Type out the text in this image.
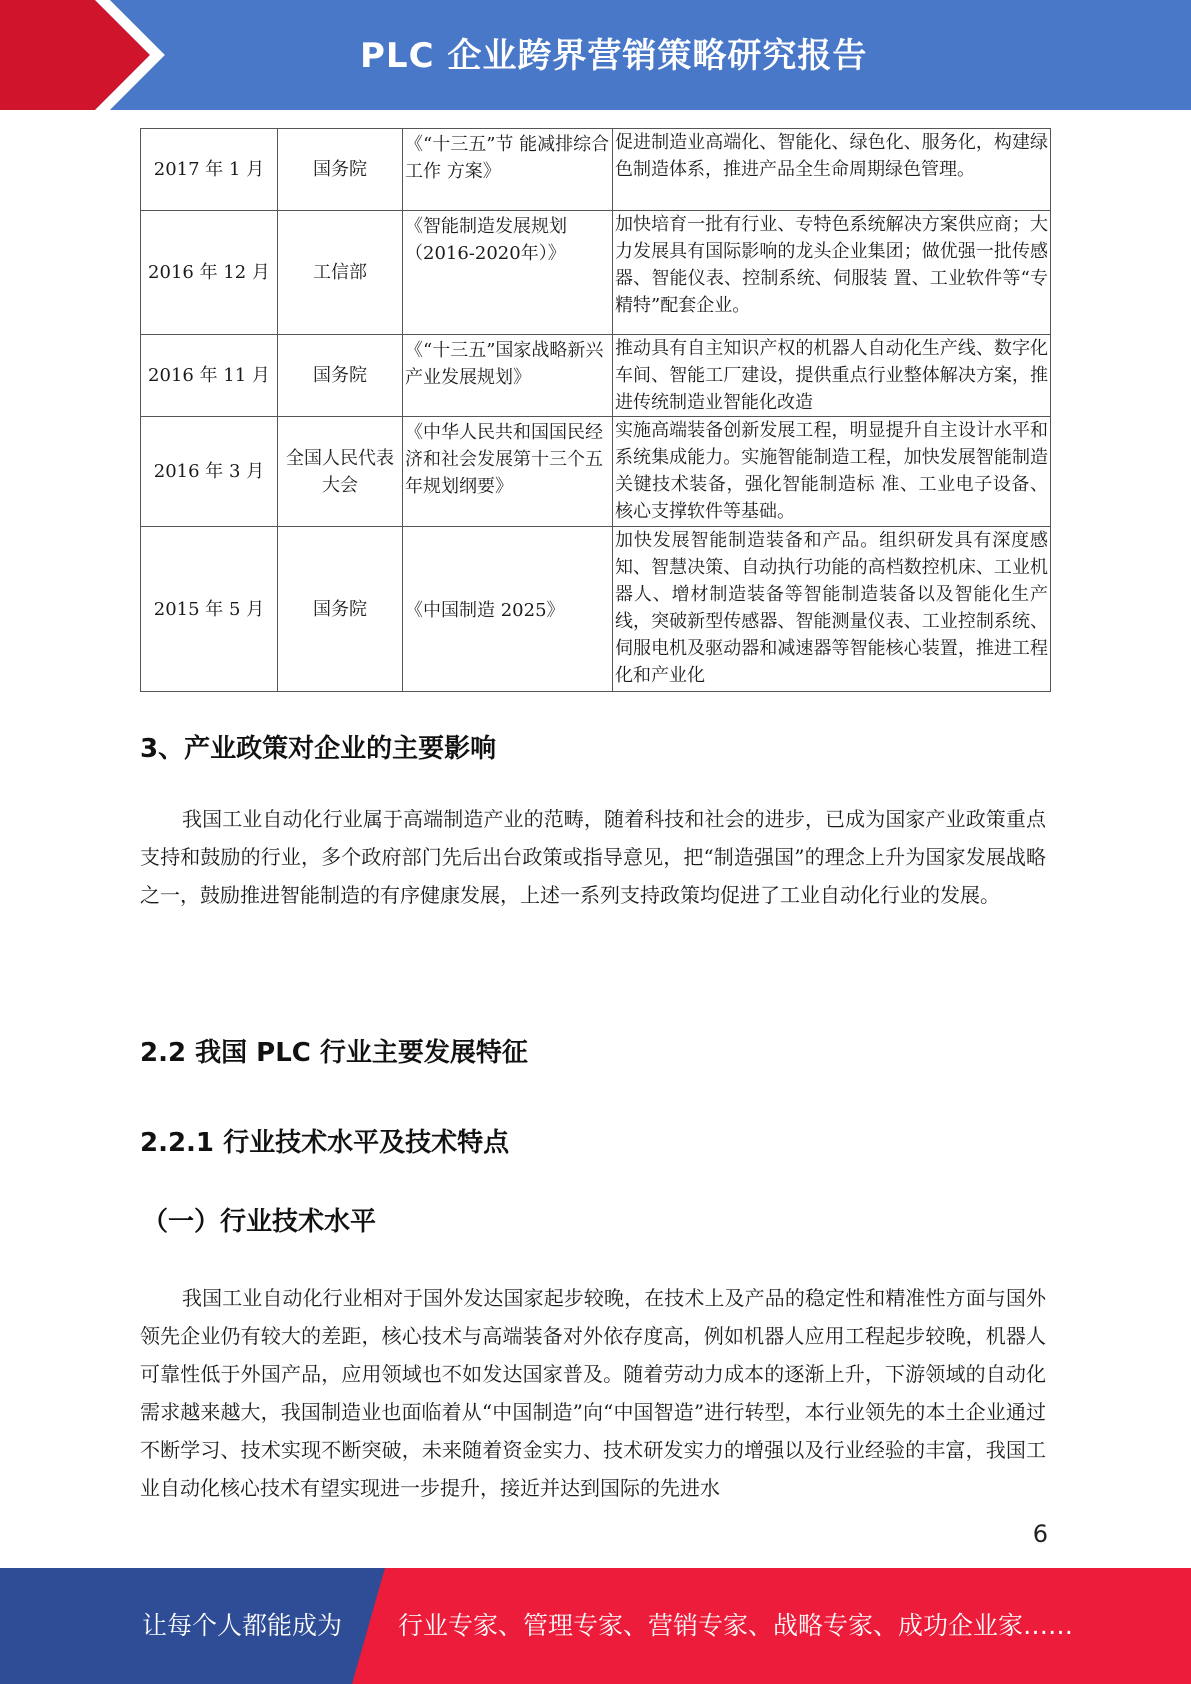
PLC 企业跨界营销策略研究报告
2017 年 1 月	国务院	《“十三五”节 能减排综合工作 方案》	促进制造业高端化、智能化、绿色化、服务化，构建绿色制造体系，推进产品全生命周期绿色管理。
2016 年 12 月	工信部	《智能制造发展规划（2016-2020年）》	加快培育一批有行业、专特色系统解决方案供应商；大力发展具有国际影响的龙头企业集团；做优强一批传感器、智能仪表、控制系统、伺服装 置、工业软件等“专精特”配套企业。
2016 年 11 月	国务院	《“十三五”国家战略新兴产业发展规划》	推动具有自主知识产权的机器人自动化生产线、数字化车间、智能工厂建设，提供重点行业整体解决方案，推进传统制造业智能化改造
2016 年 3 月	全国人民代表大会	《中华人民共和国国民经济和社会发展第十三个五年规划纲要》	实施高端装备创新发展工程，明显提升自主设计水平和系统集成能力。实施智能制造工程，加快发展智能制造关键技术装备，强化智能制造标 准、工业电子设备、核心支撑软件等基础。
2015 年 5 月	国务院	《中国制造 2025》	加快发展智能制造装备和产品。组织研发具有深度感知、智慧决策、自动执行功能的高档数控机床、工业机器人、增材制造装备等智能制造装备以及智能化生产线，突破新型传感器、智能测量仪表、工业控制系统、伺服电机及驱动器和减速器等智能核心装置，推进工程化和产业化
3、产业政策对企业的主要影响
我国工业自动化行业属于高端制造产业的范畴，随着科技和社会的进步，已成为国家产业政策重点支持和鼓励的行业，多个政府部门先后出台政策或指导意见，把“制造强国”的理念上升为国家发展战略之一，鼓励推进智能制造的有序健康发展，上述一系列支持政策均促进了工业自动化行业的发展。
2.2 我国 PLC 行业主要发展特征
2.2.1 行业技术水平及技术特点
（一）行业技术水平
我国工业自动化行业相对于国外发达国家起步较晚，在技术上及产品的稳定性和精准性方面与国外领先企业仍有较大的差距，核心技术与高端装备对外依存度高，例如机器人应用工程起步较晚，机器人可靠性低于外国产品，应用领域也不如发达国家普及。随着劳动力成本的逐渐上升，下游领域的自动化需求越来越大，我国制造业也面临着从“中国制造”向“中国智造”进行转型，本行业领先的本土企业通过不断学习、技术实现不断突破，未来随着资金实力、技术研发实力的增强以及行业经验的丰富，我国工业自动化核心技术有望实现进一步提升，接近并达到国际的先进水
6
让每个人都能成为 行业专家、管理专家、营销专家、战略专家、成功企业家……
